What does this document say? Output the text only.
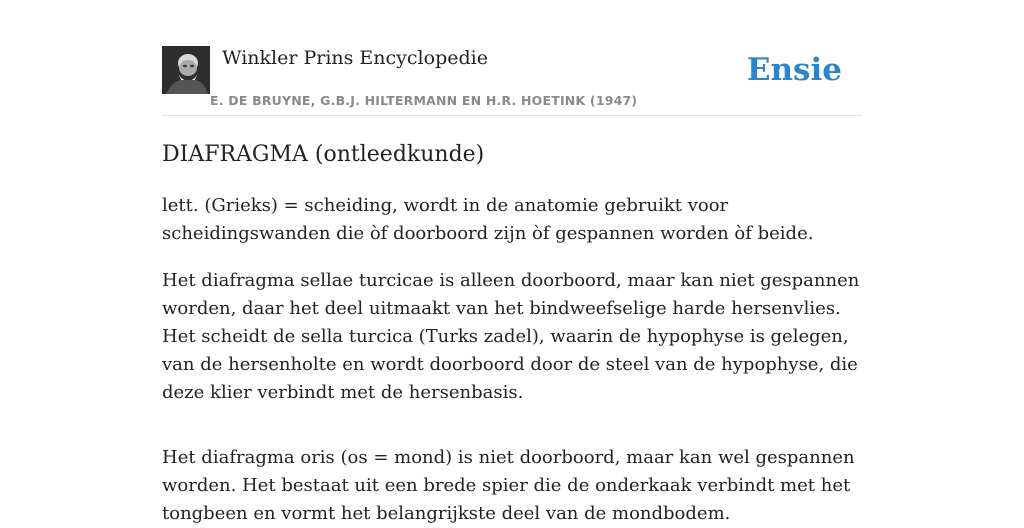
Winkler Prins Encyclopedie
E. DE BRUYNE, G.B.J. HILTERMANN EN H.R. HOETINK (1947)
Ensie
DIAFRAGMA (ontleedkunde)

lett. (Grieks) = scheiding, wordt in de anatomie gebruikt voor scheidingswanden die òf doorboord zijn òf gespannen worden òf beide.

Het diafragma sellae turcicae is alleen doorboord, maar kan niet gespannen worden, daar het deel uitmaakt van het bindweefselige harde hersenvlies. Het scheidt de sella turcica (Turks zadel), waarin de hypophyse is gelegen, van de hersenholte en wordt doorboord door de steel van de hypophyse, die deze klier verbindt met de hersenbasis.

Het diafragma oris (os = mond) is niet doorboord, maar kan wel gespannen worden. Het bestaat uit een brede spier die de onderkaak verbindt met het tongbeen en vormt het belangrijkste deel van de mondbodem.
